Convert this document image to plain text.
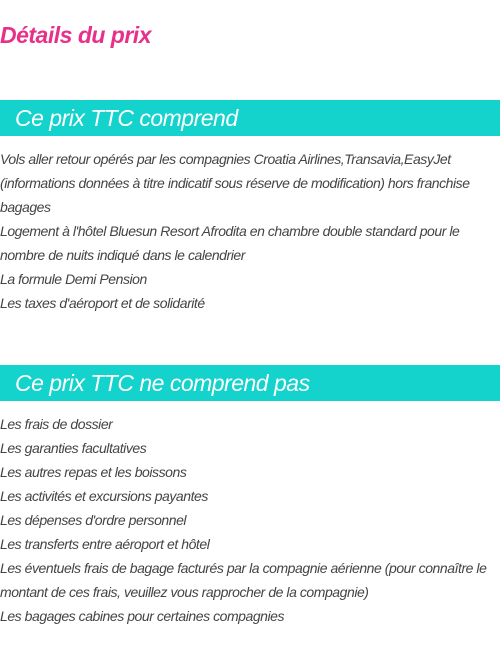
Détails du prix
Ce prix TTC comprend
Vols aller retour opérés par les compagnies Croatia Airlines,Transavia,EasyJet (informations données à titre indicatif sous réserve de modification) hors franchise bagages
Logement à l'hôtel Bluesun Resort Afrodita en chambre double standard pour le nombre de nuits indiqué dans le calendrier
La formule Demi Pension
Les taxes d'aéroport et de solidarité
Ce prix TTC ne comprend pas
Les frais de dossier
Les garanties facultatives
Les autres repas et les boissons
Les activités et excursions payantes
Les dépenses d'ordre personnel
Les transferts entre aéroport et hôtel
Les éventuels frais de bagage facturés par la compagnie aérienne (pour connaître le montant de ces frais, veuillez vous rapprocher de la compagnie)
Les bagages cabines pour certaines compagnies
